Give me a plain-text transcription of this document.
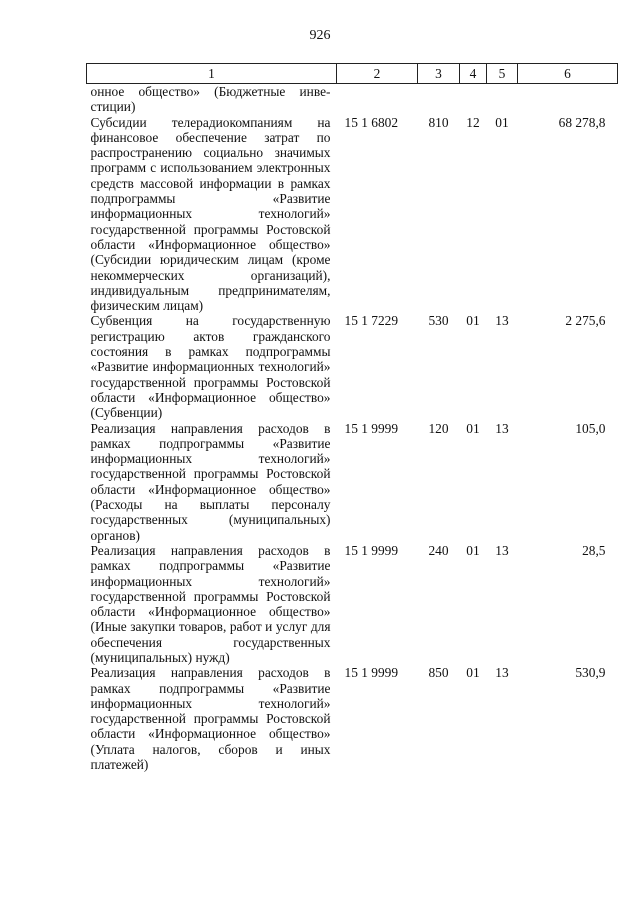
926
1	2	3	4	5	6
онное общество» (Бюджетные инве-стиции)					
Субсидии телерадиокомпаниям на финансовое обеспечение затрат по распространению социально значимых программ с использованием электронных средств массовой информации в рамках подпрограммы «Развитие информационных технологий» государственной программы Ростовской области «Информационное общество» (Субсидии юридическим лицам (кроме некоммерческих организаций), индивидуальным предпринимателям, физическим лицам)	15 1 6802	810	12	01	68 278,8
Субвенция на государственную регистрацию актов гражданского состояния в рамках подпрограммы «Развитие информационных технологий» государственной программы Ростовской области «Информационное общество» (Субвенции)	15 1 7229	530	01	13	2 275,6
Реализация направления расходов в рамках подпрограммы «Развитие информационных технологий» государственной программы Ростовской области «Информационное общество» (Расходы на выплаты персоналу государственных (муниципальных) органов)	15 1 9999	120	01	13	105,0
Реализация направления расходов в рамках подпрограммы «Развитие информационных технологий» государственной программы Ростовской области «Информационное общество» (Иные закупки товаров, работ и услуг для обеспечения государственных (муниципальных) нужд)	15 1 9999	240	01	13	28,5
Реализация направления расходов в рамках подпрограммы «Развитие информационных технологий» государственной программы Ростовской области «Информационное общество» (Уплата налогов, сборов и иных платежей)	15 1 9999	850	01	13	530,9
